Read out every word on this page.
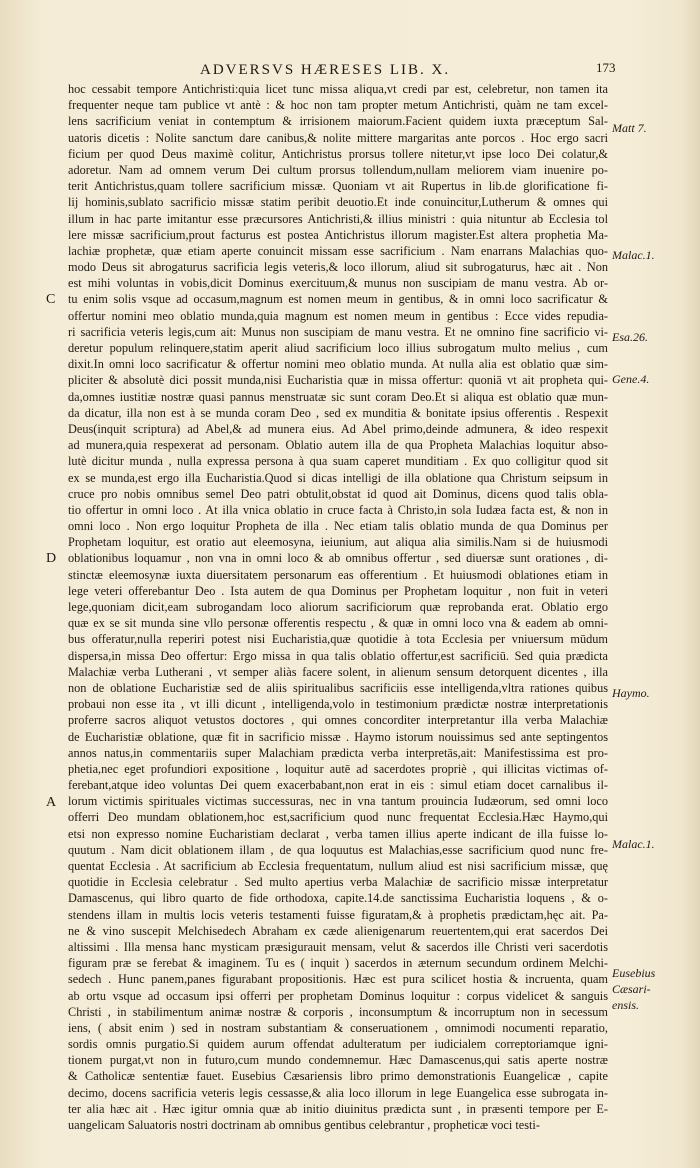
ADVERSVS HÆRESES LIB. X.	173
C
D
A
Matt 7.
Malac.1.
Esa.26.
Gene.4.
Haymo.
Malac.1.
Eusebius
Cæsari-
ensis.
hoc cessabit tempore Antichristi:quia licet tunc missa aliqua,vt credi par est, celebretur, non tamen ita
frequenter neque tam publice vt antè : & hoc non tam propter metum Antichristi, quàm ne tam excel-
lens sacrificium veniat in contemptum & irrisionem maiorum.Facient quidem iuxta præceptum Sal-
uatoris dicetis : Nolite sanctum dare canibus,& nolite mittere margaritas ante porcos . Hoc ergo sacri
ficium per quod Deus maximè colitur, Antichristus prorsus tollere nitetur,vt ipse loco Dei colatur,&
adoretur. Nam ad omnem verum Dei cultum prorsus tollendum,nullam meliorem viam inuenire po-
terit Antichristus,quam tollere sacrificium missæ. Quoniam vt ait Rupertus in lib.de glorificatione fi-
lij hominis,sublato sacrificio missæ statim peribit deuotio.Et inde conuincitur,Lutherum & omnes qui
illum in hac parte imitantur esse præcursores Antichristi,& illius ministri : quia nituntur ab Ecclesia tol
lere missæ sacrificium,prout facturus est postea Antichristus illorum magister.Est altera prophetia Ma-
lachiæ prophetæ, quæ etiam aperte conuincit missam esse sacrificium . Nam enarrans Malachias quo-
modo Deus sit abrogaturus sacrificia legis veteris,& loco illorum, aliud sit subrogaturus, hæc ait . Non
est mihi voluntas in vobis,dicit Dominus exercituum,& munus non suscipiam de manu vestra. Ab or-
tu enim solis vsque ad occasum,magnum est nomen meum in gentibus, & in omni loco sacrificatur &
offertur nomini meo oblatio munda,quia magnum est nomen meum in gentibus : Ecce vides repudia-
ri sacrificia veteris legis,cum ait: Munus non suscipiam de manu vestra. Et ne omnino fine sacrificio vi-
deretur populum relinquere,statim aperit aliud sacrificium loco illius subrogatum multo melius , cum
dixit.In omni loco sacrificatur & offertur nomini meo oblatio munda. At nulla alia est oblatio quæ sim-
pliciter & absolutè dici possit munda,nisi Eucharistia quæ in missa offertur: quoniā vt ait propheta qui-
da,omnes iustitiæ nostræ quasi pannus menstruatæ sic sunt coram Deo.Et si aliqua est oblatio quæ mun-
da dicatur, illa non est à se munda coram Deo , sed ex munditia & bonitate ipsius offerentis . Respexit
Deus(inquit scriptura) ad Abel,& ad munera eius. Ad Abel primo,deinde admunera, & ideo respexit
ad munera,quia respexerat ad personam. Oblatio autem illa de qua Propheta Malachias loquitur abso-
lutè dicitur munda , nulla expressa persona à qua suam caperet munditiam . Ex quo colligitur quod sit
ex se munda,est ergo illa Eucharistia.Quod si dicas intelligi de illa oblatione qua Christum seipsum in
cruce pro nobis omnibus semel Deo patri obtulit,obstat id quod ait Dominus, dicens quod talis obla-
tio offertur in omni loco . At illa vnica oblatio in cruce facta à Christo,in sola Iudæa facta est, & non in
omni loco . Non ergo loquitur Propheta de illa . Nec etiam talis oblatio munda de qua Dominus per
Prophetam loquitur, est oratio aut eleemosyna, ieiunium, aut aliqua alia similis.Nam si de huiusmodi
oblationibus loquamur , non vna in omni loco & ab omnibus offertur , sed diuersæ sunt orationes , di-
stinctæ eleemosynæ iuxta diuersitatem personarum eas offerentium . Et huiusmodi oblationes etiam in
lege veteri offerebantur Deo . Ista autem de qua Dominus per Prophetam loquitur , non fuit in veteri
lege,quoniam dicit,eam subrogandam loco aliorum sacrificiorum quæ reprobanda erat. Oblatio ergo
quæ ex se sit munda sine vllo personæ offerentis respectu , & quæ in omni loco vna & eadem ab omni-
bus offeratur,nulla reperiri potest nisi Eucharistia,quæ quotidie à tota Ecclesia per vniuersum mūdum
dispersa,in missa Deo offertur: Ergo missa in qua talis oblatio offertur,est sacrificiū. Sed quia prædicta
Malachiæ verba Lutherani , vt semper aliàs facere solent, in alienum sensum detorquent dicentes , illa
non de oblatione Eucharistiæ sed de aliis spiritualibus sacrificiis esse intelligenda,vltra rationes quibus
probaui non esse ita , vt illi dicunt , intelligenda,volo in testimonium prædictæ nostræ interpretationis
proferre sacros aliquot vetustos doctores , qui omnes concorditer interpretantur illa verba Malachiæ
de Eucharistiæ oblatione, quæ fit in sacrificio missæ . Haymo istorum nouissimus sed ante septingentos
annos natus,in commentariis super Malachiam prædicta verba interpretās,ait: Manifestissima est pro-
phetia,nec eget profundiori expositione , loquitur autē ad sacerdotes propriè , qui illicitas victimas of-
ferebant,atque ideo voluntas Dei quem exacerbabant,non erat in eis : simul etiam docet carnalibus il-
lorum victimis spirituales victimas successuras, nec in vna tantum prouincia Iudæorum, sed omni loco
offerri Deo mundam oblationem,hoc est,sacrificium quod nunc frequentat Ecclesia.Hæc Haymo,qui
etsi non expresso nomine Eucharistiam declarat , verba tamen illius aperte indicant de illa fuisse lo-
quutum . Nam dicit oblationem illam , de qua loquutus est Malachias,esse sacrificium quod nunc fre-
quentat Ecclesia . At sacrificium ab Ecclesia frequentatum, nullum aliud est nisi sacrificium missæ, quę
quotidie in Ecclesia celebratur . Sed multo apertius verba Malachiæ de sacrificio missæ interpretatur
Damascenus, qui libro quarto de fide orthodoxa, capite.14.de sanctissima Eucharistia loquens , & o-
stendens illam in multis locis veteris testamenti fuisse figuratam,& à prophetis prædictam,hęc ait. Pa-
ne & vino suscepit Melchisedech Abraham ex cæde alienigenarum reuertentem,qui erat sacerdos Dei
altissimi . Illa mensa hanc mysticam præsigurauit mensam, velut & sacerdos ille Christi veri sacerdotis
figuram præ se ferebat & imaginem. Tu es ( inquit ) sacerdos in æternum secundum ordinem Melchi-
sedech . Hunc panem,panes figurabant propositionis. Hæc est pura scilicet hostia & incruenta, quam
ab ortu vsque ad occasum ipsi offerri per prophetam Dominus loquitur : corpus videlicet & sanguis
Christi , in stabilimentum animæ nostræ & corporis , inconsumptum & incorruptum non in secessum
iens, ( absit enim ) sed in nostram substantiam & conseruationem , omnimodi nocumenti reparatio,
sordis omnis purgatio.Si quidem aurum offendat adulteratum per iudicialem correptoriamque igni-
tionem purgat,vt non in futuro,cum mundo condemnemur. Hæc Damascenus,qui satis aperte nostræ
& Catholicæ sententiæ fauet. Eusebius Cæsariensis libro primo demonstrationis Euangelicæ , capite
decimo, docens sacrificia veteris legis cessasse,& alia loco illorum in lege Euangelica esse subrogata in-
ter alia hæc ait . Hæc igitur omnia quæ ab initio diuinitus prædicta sunt , in præsenti tempore per E-
uangelicam Saluatoris nostri doctrinam ab omnibus gentibus celebrantur , propheticæ voci testi-
